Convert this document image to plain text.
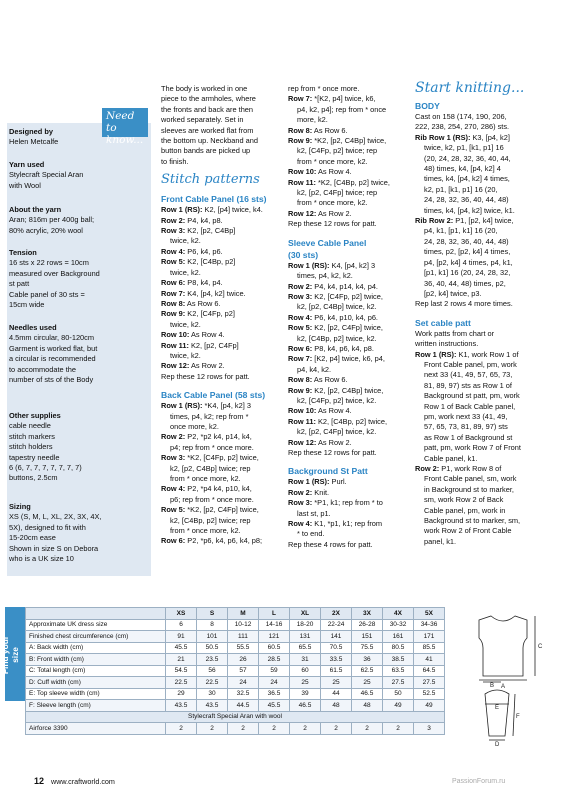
Need to
know...
Designed by
Helen Metcalfe
Yarn used
Stylecraft Special Aran
with Wool
About the yarn
Aran; 816m per 400g ball;
80% acrylic, 20% wool
Tension
16 sts x 22 rows = 10cm
measured over Background
st patt
Cable panel of 30 sts =
15cm wide
Needles used
4.5mm circular, 80-120cm
Garment is worked flat, but
a circular is recommended
to accommodate the
number of sts of the Body
Other supplies
cable needle
stitch markers
stitch holders
tapestry needle
6 (6, 7, 7, 7, 7, 7, 7, 7)
buttons, 2.5cm
Sizing
XS (S, M, L, XL, 2X, 3X, 4X,
5X), designed to fit with
15-20cm ease
Shown in size S on Debora
who is a UK size 10
The body is worked in one
piece to the armholes, where
the fronts and back are then
worked separately. Set in
sleeves are worked flat from
the bottom up. Neckband and
button bands are picked up
to finish.
Stitch patterns
Front Cable Panel (16 sts)
Row 1 (RS): K2, [p4] twice, k4.
Row 2: P4, k4, p8.
Row 3: K2, [p2, C4Bp]
twice, k2.
Row 4: P6, k4, p6.
Row 5: K2, [C4Bp, p2]
twice, k2.
Row 6: P8, k4, p4.
Row 7: K4, [p4, k2] twice.
Row 8: As Row 6.
Row 9: K2, [C4Fp, p2]
twice, k2.
Row 10: As Row 4.
Row 11: K2, [p2, C4Fp]
twice, k2.
Row 12: As Row 2.
Rep these 12 rows for patt.
Back Cable Panel (58 sts)
Row 1 (RS): *K4, [p4, k2] 3
times, p4, k2; rep from *
once more, k2.
Row 2: P2, *p2 k4, p14, k4,
p4; rep from * once more.
Row 3: *K2, [C4Fp, p2] twice,
k2, [p2, C4Bp] twice; rep
from * once more, k2.
Row 4: P2, *p4 k4, p10, k4,
p6; rep from * once more.
Row 5: *K2, [p2, C4Fp] twice,
k2, [C4Bp, p2] twice; rep
from * once more, k2.
Row 6: P2, *p6, k4, p6, k4, p8;
rep from * once more.
Row 7: *[K2, p4] twice, k6,
p4, k2, p4]; rep from * once
more, k2.
Row 8: As Row 6.
Row 9: *K2, [p2, C4Bp] twice,
k2, [C4Fp, p2] twice; rep
from * once more, k2.
Row 10: As Row 4.
Row 11: *K2, [C4Bp, p2] twice,
k2, [p2, C4Fp] twice; rep
from * once more, k2.
Row 12: As Row 2.
Rep these 12 rows for patt.
Sleeve Cable Panel
(30 sts)
Row 1 (RS): K4, [p4, k2] 3
times, p4, k2, k2.
Row 2: P4, k4, p14, k4, p4.
Row 3: K2, [C4Fp, p2] twice,
k2, [p2, C4Bp] twice, k2.
Row 4: P6, k4, p10, k4, p6.
Row 5: K2, [p2, C4Fp] twice,
k2, [C4Bp, p2] twice, k2.
Row 6: P8, k4, p6, k4, p8.
Row 7: [K2, p4] twice, k6, p4,
p4, k4, k2.
Row 8: As Row 6.
Row 9: K2, [p2, C4Bp] twice,
k2, [C4Fp, p2] twice, k2.
Row 10: As Row 4.
Row 11: K2, [C4Bp, p2] twice,
k2, [p2, C4Fp] twice, k2.
Row 12: As Row 2.
Rep these 12 rows for patt.
Background St Patt
Row 1 (RS): Purl.
Row 2: Knit.
Row 3: *P1, k1; rep from * to
last st, p1.
Row 4: K1, *p1, k1; rep from
* to end.
Rep these 4 rows for patt.
Start knitting...
BODY
Cast on 158 (174, 190, 206,
222, 238, 254, 270, 286) sts.
Rib Row 1 (RS): K3, [p4, k2]
twice, k2, p1, [k1, p1] 16
(20, 24, 28, 32, 36, 40, 44,
48) times, k4, [p4, k2] 4
times, k4, [p4, k2] 4 times,
k2, p1, [k1, p1] 16 (20,
24, 28, 32, 36, 40, 44, 48)
times, k4, [p4, k2] twice, k1.
Rib Row 2: P1, [p2, k4] twice,
p4, k1, [p1, k1] 16 (20,
24, 28, 32, 36, 40, 44, 48)
times, p2, [p2, k4] 4 times,
p4, [p2, k4] 4 times, p4, k1,
[p1, k1] 16 (20, 24, 28, 32,
36, 40, 44, 48) times, p2,
[p2, k4] twice, p3.
Rep last 2 rows 4 more times.
Set cable patt
Work patts from chart or
written instructions.
Row 1 (RS): K1, work Row 1 of
Front Cable panel, pm, work
next 33 (41, 49, 57, 65, 73,
81, 89, 97) sts as Row 1 of
Background st patt, pm, work
Row 1 of Back Cable panel,
pm, work next 33 (41, 49,
57, 65, 73, 81, 89, 97) sts
as Row 1 of Background st
patt, pm, work Row 7 of Front
Cable panel, k1.
Row 2: P1, work Row 8 of
Front Cable panel, sm, work
in Background st to marker,
sm, work Row 2 of Back
Cable panel, pm, work in
Background st to marker, sm,
work Row 2 of Front Cable
panel, k1.
Find your size
	XS	S	M	L	XL	2X	3X	4X	5X
Approximate UK dress size	6	8	10-12	14-16	18-20	22-24	26-28	30-32	34-36
Finished chest circumference (cm)	91	101	111	121	131	141	151	161	171
A: Back width (cm)	45.5	50.5	55.5	60.5	65.5	70.5	75.5	80.5	85.5
B: Front width (cm)	21	23.5	26	28.5	31	33.5	36	38.5	41
C: Total length (cm)	54.5	56	57	59	60	61.5	62.5	63.5	64.5
D: Cuff width (cm)	22.5	22.5	24	24	25	25	25	27.5	27.5
E: Top sleeve width (cm)	29	30	32.5	36.5	39	44	46.5	50	52.5
F: Sleeve length (cm)	43.5	43.5	44.5	45.5	46.5	48	48	49	49
Stylecraft Special Aran with wool									
Airforce 3390	2	2	2	2	2	2	2	2	3
A
B
C
D
E
F
12 www.craftworld.com	PassionForum.ru
